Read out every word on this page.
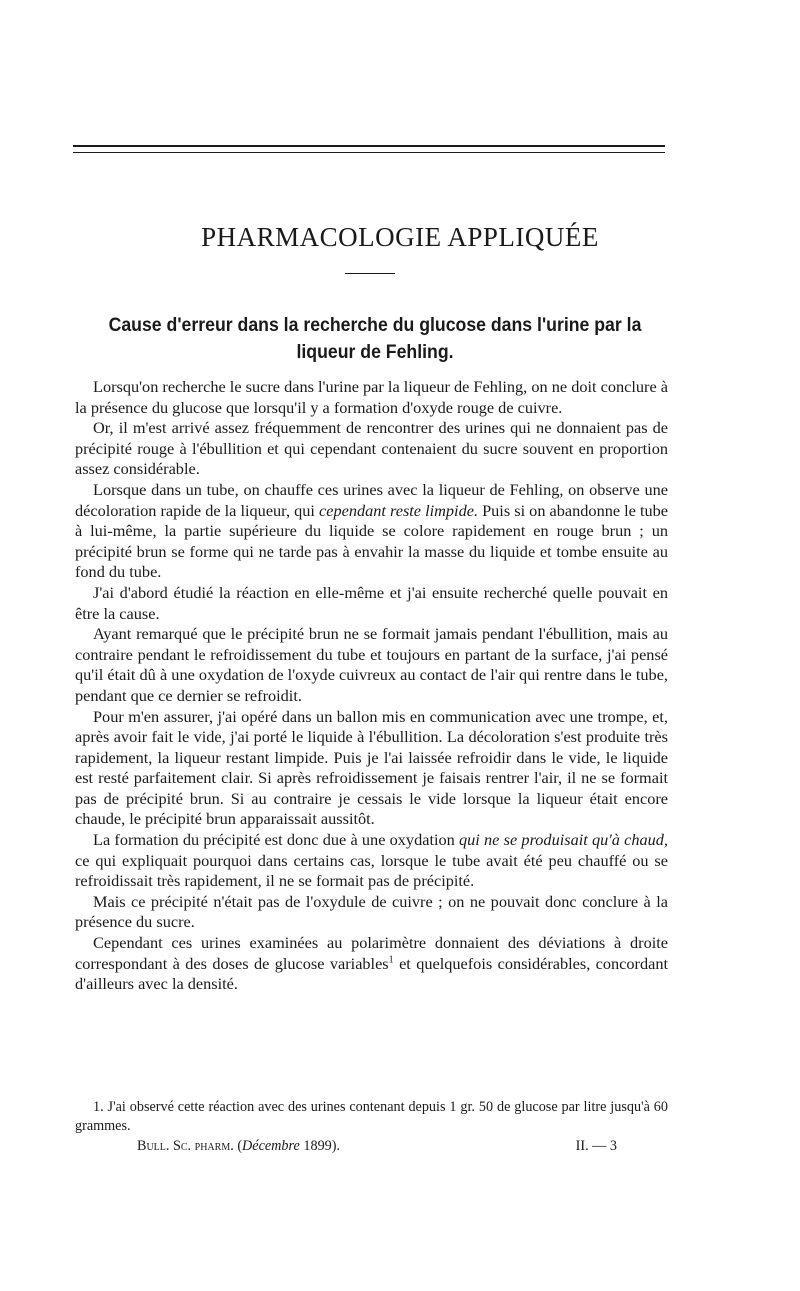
PHARMACOLOGIE APPLIQUÉE
Cause d'erreur dans la recherche du glucose dans l'urine par la liqueur de Fehling.

Lorsqu'on recherche le sucre dans l'urine par la liqueur de Fehling, on ne doit conclure à la présence du glucose que lorsqu'il y a formation d'oxyde rouge de cuivre.

Or, il m'est arrivé assez fréquemment de rencontrer des urines qui ne donnaient pas de précipité rouge à l'ébullition et qui cependant contenaient du sucre souvent en proportion assez considérable.

Lorsque dans un tube, on chauffe ces urines avec la liqueur de Fehling, on observe une décoloration rapide de la liqueur, qui cependant reste limpide. Puis si on abandonne le tube à lui-même, la partie supérieure du liquide se colore rapidement en rouge brun ; un précipité brun se forme qui ne tarde pas à envahir la masse du liquide et tombe ensuite au fond du tube.

J'ai d'abord étudié la réaction en elle-même et j'ai ensuite recherché quelle pouvait en être la cause.

Ayant remarqué que le précipité brun ne se formait jamais pendant l'ébullition, mais au contraire pendant le refroidissement du tube et toujours en partant de la surface, j'ai pensé qu'il était dû à une oxydation de l'oxyde cuivreux au contact de l'air qui rentre dans le tube, pendant que ce dernier se refroidit.

Pour m'en assurer, j'ai opéré dans un ballon mis en communication avec une trompe, et, après avoir fait le vide, j'ai porté le liquide à l'ébullition. La décoloration s'est produite très rapidement, la liqueur restant limpide. Puis je l'ai laissée refroidir dans le vide, le liquide est resté parfaitement clair. Si après refroidissement je faisais rentrer l'air, il ne se formait pas de précipité brun. Si au contraire je cessais le vide lorsque la liqueur était encore chaude, le précipité brun apparaissait aussitôt.

La formation du précipité est donc due à une oxydation qui ne se produisait qu'à chaud, ce qui expliquait pourquoi dans certains cas, lorsque le tube avait été peu chauffé ou se refroidissait très rapidement, il ne se formait pas de précipité.

Mais ce précipité n'était pas de l'oxydule de cuivre ; on ne pouvait donc conclure à la présence du sucre.

Cependant ces urines examinées au polarimètre donnaient des déviations à droite correspondant à des doses de glucose variables$^1$ et quelquefois considérables, concordant d'ailleurs avec la densité.

1. J'ai observé cette réaction avec des urines contenant depuis 1 gr. 50 de glucose par litre jusqu'à 60 grammes.
Bull. Sc. pharm. (Décembre 1899).	II. — 3
